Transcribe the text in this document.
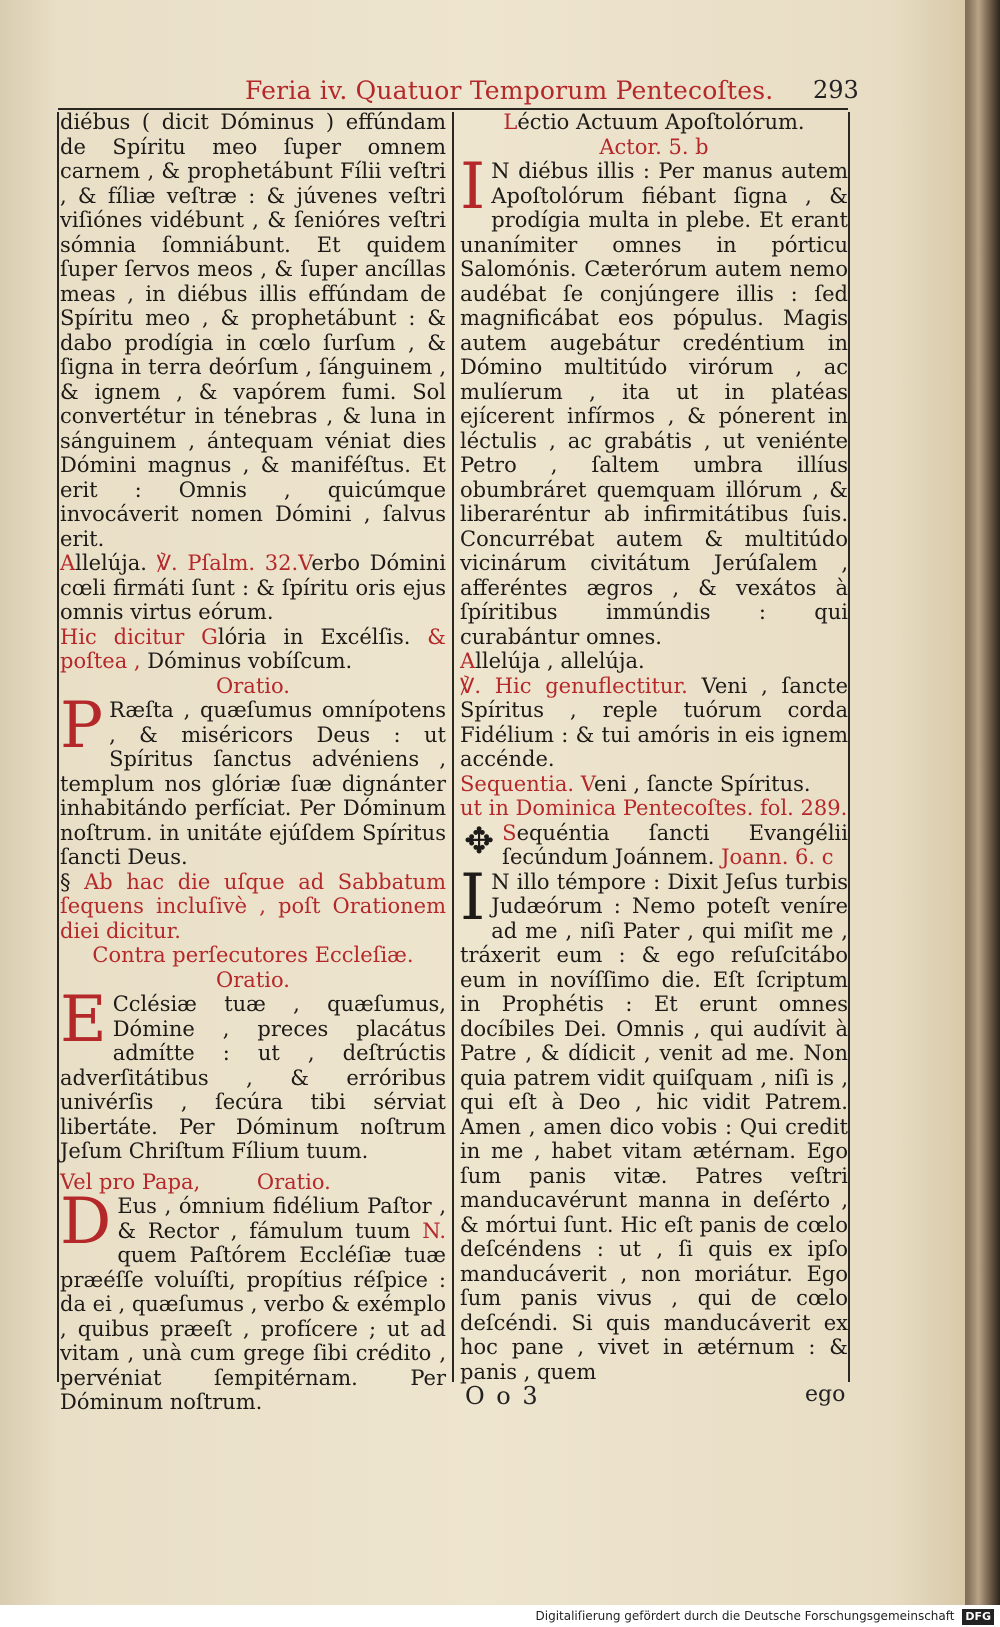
Feria iv. Quatuor Temporum Pentecoſtes. 293

diébus ( dicit Dóminus ) effúndam de Spíritu meo ſuper omnem carnem , & prophetábunt Fílii veſtri , & fíliæ veſtræ : & júvenes veſtri viſiónes vidébunt , & ſenióres veſtri sómnia ſomniábunt. Et quidem ſuper ſervos meos , & ſuper ancíllas meas , in diébus illis effúndam de Spíritu meo , & prophetábunt : & dabo prodígia in cœlo ſurſum , & ſigna in terra deórſum , ſánguinem , & ignem , & vapórem fumi. Sol convertétur in ténebras , & luna in sánguinem , ántequam véniat dies Dómini magnus , & maniféſtus. Et erit : Omnis , quicúmque invocáverit nomen Dómini , ſalvus erit.

Allelúja. ℣. Pſalm. 32.Verbo Dómini cœli firmáti ſunt : & ſpíritu oris ejus omnis virtus eórum.

Hic dicitur Glória in Excélſis. & poſtea , Dóminus vobíſcum.

Oratio.

P Ræſta , quæſumus omnípotens , & miséricors Deus : ut Spíritus ſanctus advéniens , templum nos glóriæ ſuæ dignánter inhabitándo perfíciat. Per Dóminum noſtrum. in unitáte ejúſdem Spíritus ſancti Deus.

§ Ab hac die uſque ad Sabbatum ſequens incluſivè , poſt Orationem diei dicitur.

Contra perſecutores Eccleſiæ.

Oratio.

E Cclésiæ tuæ , quæſumus, Dómine , preces placátus admítte : ut , deſtrúctis adverſitátibus , & erróribus univérſis , ſecúra tibi sérviat libertáte. Per Dóminum noſtrum Jeſum Chriſtum Fílium tuum.

Vel pro Papa,	Oratio.

D Eus , ómnium fidélium Paſtor , & Rector , fámulum tuum N. quem Paſtórem Eccléſiæ tuæ præéſſe voluíſti, propítius réſpice : da ei , quæſumus , verbo & exémplo , quibus præeſt , profícere ; ut ad vitam , unà cum grege ſibi crédito , pervéniat ſempitérnam. Per Dóminum noſtrum.

Léctio Actuum Apoſtolórum.

Actor. 5. b

I N diébus illis : Per manus autem Apoſtolórum fiébant ſigna , & prodígia multa in plebe. Et erant unanímiter omnes in pórticu Salomónis. Cæterórum autem nemo audébat ſe conjúngere illis : ſed magnificábat eos pópulus. Magis autem augebátur credéntium in Dómino multitúdo virórum , ac mulíerum , ita ut in platéas ejícerent infírmos , & pónerent in léctulis , ac grabátis , ut veniénte Petro , ſaltem umbra illíus obumbráret quemquam illórum , & liberaréntur ab infirmitátibus ſuis. Concurrébat autem & multitúdo vicinárum civitátum Jerúſalem , afferéntes ægros , & vexátos à ſpíritibus immúndis : qui curabántur omnes.

Allelúja , allelúja.

℣. Hic genuflectitur. Veni , ſancte Spíritus , reple tuórum corda Fidélium : & tui amóris in eis ignem accénde.

Sequentia. Veni , ſancte Spíritus.

ut in Dominica Pentecoſtes. fol. 289.

✥ Sequéntia ſancti Evangélii ſecúndum Joánnem. Joann. 6. c

I N illo témpore : Dixit Jeſus turbis Judæórum : Nemo poteſt veníre ad me , niſi Pater , qui miſit me , tráxerit eum : & ego reſuſcitábo eum in novíſſimo die. Eſt ſcriptum in Prophétis : Et erunt omnes docíbiles Dei. Omnis , qui audívit à Patre , & dídicit , venit ad me. Non quia patrem vidit quiſquam , niſi is , qui eſt à Deo , hic vidit Patrem. Amen , amen dico vobis : Qui credit in me , habet vitam ætérnam. Ego ſum panis vitæ. Patres veſtri manducavérunt manna in deſérto , & mórtui ſunt. Hic eſt panis de cœlo deſcéndens : ut , ſi quis ex ipſo manducáverit , non moriátur. Ego ſum panis vivus , qui de cœlo deſcéndi. Si quis manducáverit ex hoc pane , vivet in ætérnum : & panis , quem

O o 3	ego
Digitaliſierung gefördert durch die Deutsche Forschungsgemeinschaft DFG
